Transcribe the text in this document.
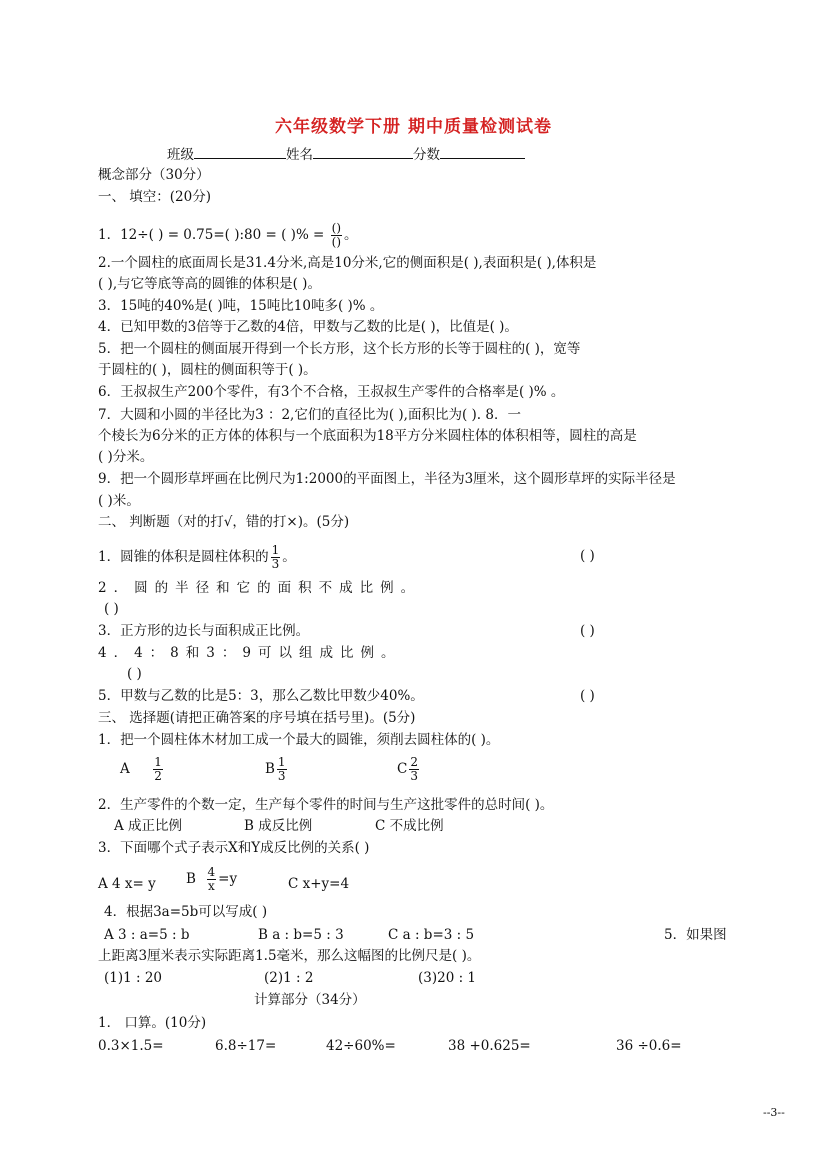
六年级数学下册 期中质量检测试卷
班级	姓名	分数
概念部分（30分）
一、 填空：(20分)
1．12÷( ) = 0.75=( ):80 = ( )% = $\frac{()}{()}$ 。
2.一个圆柱的底面周长是31.4分米,高是10分米,它的侧面积是( ),表面积是( ),体积是
( ),与它等底等高的圆锥的体积是( )。
3．15吨的40%是( )吨，15吨比10吨多( )% 。
4．已知甲数的3倍等于乙数的4倍，甲数与乙数的比是( )，比值是( )。
5．把一个圆柱的侧面展开得到一个长方形，这个长方形的长等于圆柱的( )，宽等
于圆柱的( )，圆柱的侧面积等于( )。
6．王叔叔生产200个零件，有3个不合格，王叔叔生产零件的合格率是( )% 。
7．大圆和小圆的半径比为3 ：2,它们的直径比为( ),面积比为( ). 8．一
个棱长为6分米的正方体的体积与一个底面积为18平方分米圆柱体的体积相等，圆柱的高是
( )分米。
9．把一个圆形草坪画在比例尺为1:2000的平面图上，半径为3厘米，这个圆形草坪的实际半径是
( )米。
二、 判断题（对的打√，错的打×)。(5分)
1．圆锥的体积是圆柱体积的 $\frac{1}{3}$ 。	( )
2．圆的半径和它的面积不成比例。
( )
3．正方形的边长与面积成正比例。	( )
4．4：8和3：9可以组成比例。
( )
5．甲数与乙数的比是5：3，那么乙数比甲数少40%。	( )
三、 选择题(请把正确答案的序号填在括号里)。(5分)
1．把一个圆柱体木材加工成一个最大的圆锥，须削去圆柱体的( )。
A $\frac{1}{2}$	B $\frac{1}{3}$	C $\frac{2}{3}$
2．生产零件的个数一定，生产每个零件的时间与生产这批零件的总时间( )。
A 成正比例	B 成反比例	C 不成比例
3．下面哪个式子表示X和Y成反比例的关系( )
A 4 x= y B $\frac{4}{x} =y$	C x+y=4
4．根据3a=5b可以写成( )
A 3 : a=5 : b	B a : b=5 : 3	C a : b=3 : 5	5．如果图
上距离3厘米表示实际距离1.5毫米，那么这幅图的比例尺是( )。
(1)1 : 20	(2)1 : 2	(3)20 : 1
计算部分（34分）
1． 口算。(10分)
0.3×1.5=	6.8÷17=	42÷60%=	38 +0.625=	36 ÷0.6=
--3--
